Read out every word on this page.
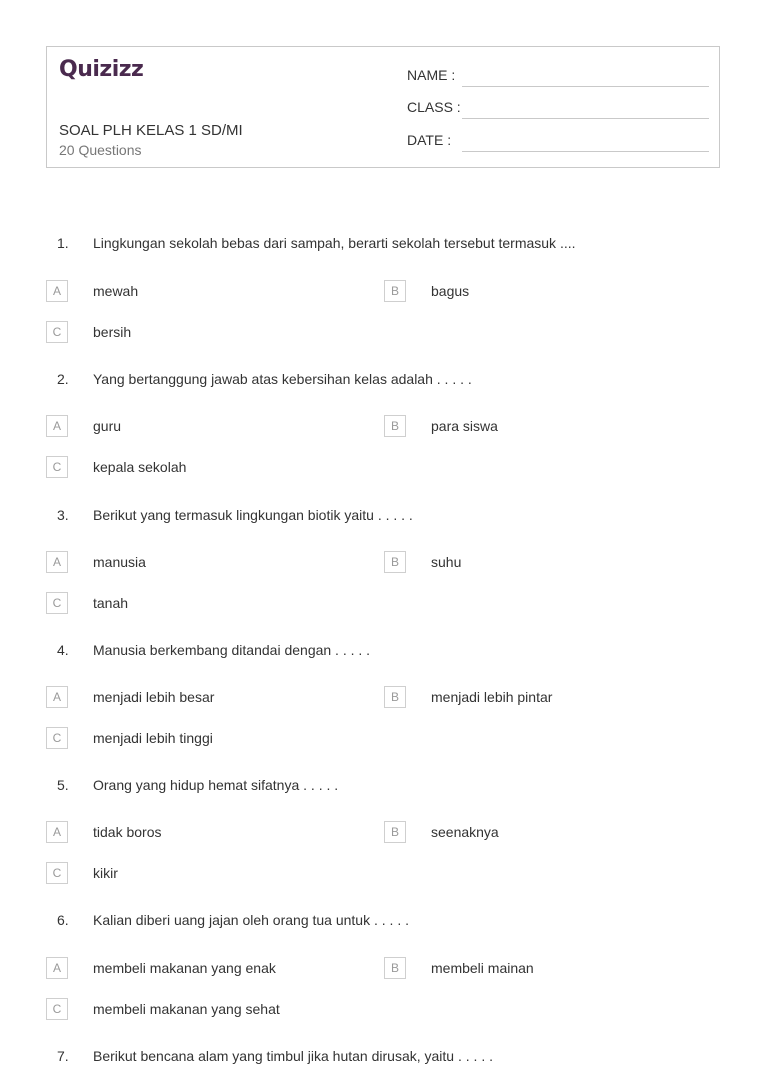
Quizizz
SOAL PLH KELAS 1 SD/MI
20 Questions
NAME :
CLASS :
DATE :
1. Lingkungan sekolah bebas dari sampah, berarti sekolah tersebut termasuk ....
A	mewah	B	bagus
C	bersih
2. Yang bertanggung jawab atas kebersihan kelas adalah . . . . .
A	guru	B	para siswa
C	kepala sekolah
3. Berikut yang termasuk lingkungan biotik yaitu . . . . .
A	manusia	B	suhu
C	tanah
4. Manusia berkembang ditandai dengan . . . . .
A	menjadi lebih besar	B	menjadi lebih pintar
C	menjadi lebih tinggi
5. Orang yang hidup hemat sifatnya . . . . .
A	tidak boros	B	seenaknya
C	kikir
6. Kalian diberi uang jajan oleh orang tua untuk . . . . .
A	membeli makanan yang enak	B	membeli mainan
C	membeli makanan yang sehat
7. Berikut bencana alam yang timbul jika hutan dirusak, yaitu . . . . .
